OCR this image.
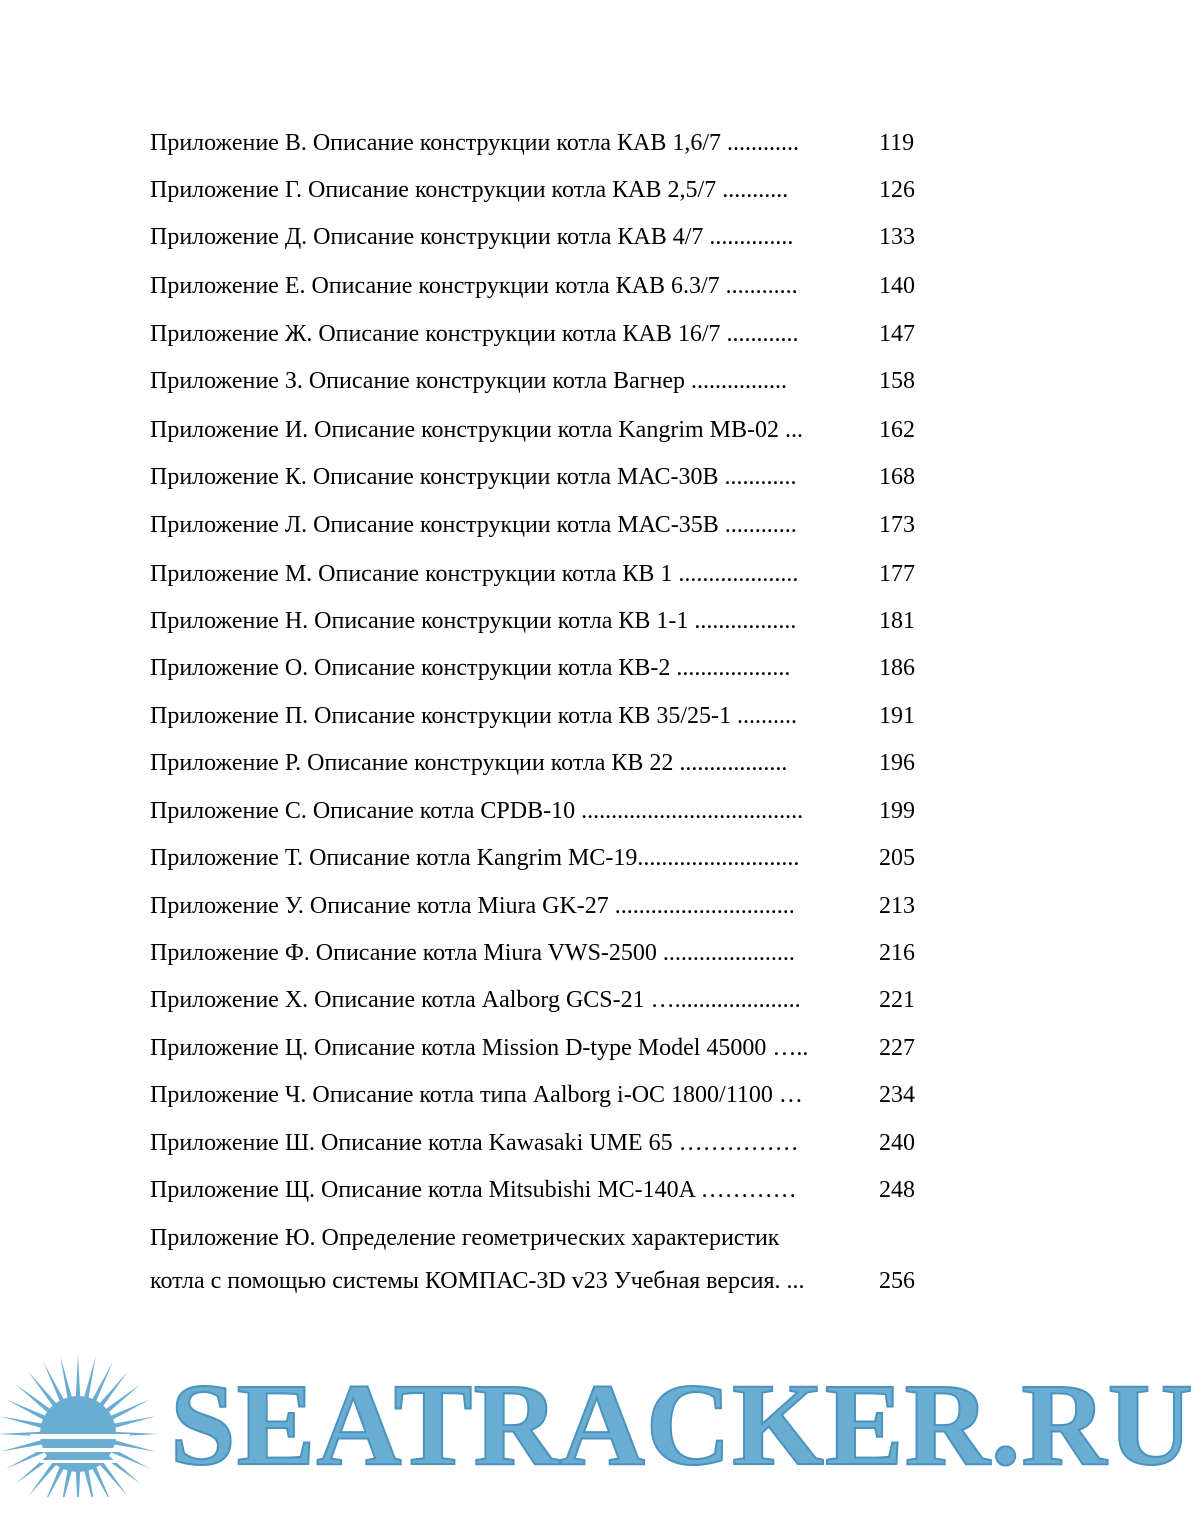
Приложение В. Описание конструкции котла КАВ 1,6/7 ............	119
Приложение Г. Описание конструкции котла КАВ 2,5/7 ...........	126
Приложение Д. Описание конструкции котла КАВ 4/7 ..............	133
Приложение Е. Описание конструкции котла КАВ 6.3/7 ............	140
Приложение Ж. Описание конструкции котла КАВ 16/7 ............	147
Приложение З. Описание конструкции котла Вагнер ................	158
Приложение И. Описание конструкции котла Kangrim MB-02 ...	162
Приложение К. Описание конструкции котла МАС-30В ............	168
Приложение Л. Описание конструкции котла МАС-35В ............	173
Приложение М. Описание конструкции котла КВ 1 ....................	177
Приложение Н. Описание конструкции котла КВ 1-1 .................	181
Приложение О. Описание конструкции котла КВ-2 ...................	186
Приложение П. Описание конструкции котла КВ 35/25-1 ..........	191
Приложение Р. Описание конструкции котла КВ 22 ..................	196
Приложение С. Описание котла CPDB-10 .....................................	199
Приложение Т. Описание котла Kangrim MC-19...........................	205
Приложение У. Описание котла Miura GK-27 ..............................	213
Приложение Ф. Описание котла Miura VWS-2500 ......................	216
Приложение Х. Описание котла Aalborg GCS-21 ….....................	221
Приложение Ц. Описание котла Mission D-type Model 45000 …..	227
Приложение Ч. Описание котла типа Aalborg i-OC 1800/1100 …	234
Приложение Ш. Описание котла Kawasaki UME 65 ……………	240
Приложение Щ. Описание котла Mitsubishi MC-140A …………	248
Приложение Ю. Определение геометрических характеристик
котла с помощью системы КОМПАС-3D v23 Учебная версия. ...	256
SEATRACKER.RU
